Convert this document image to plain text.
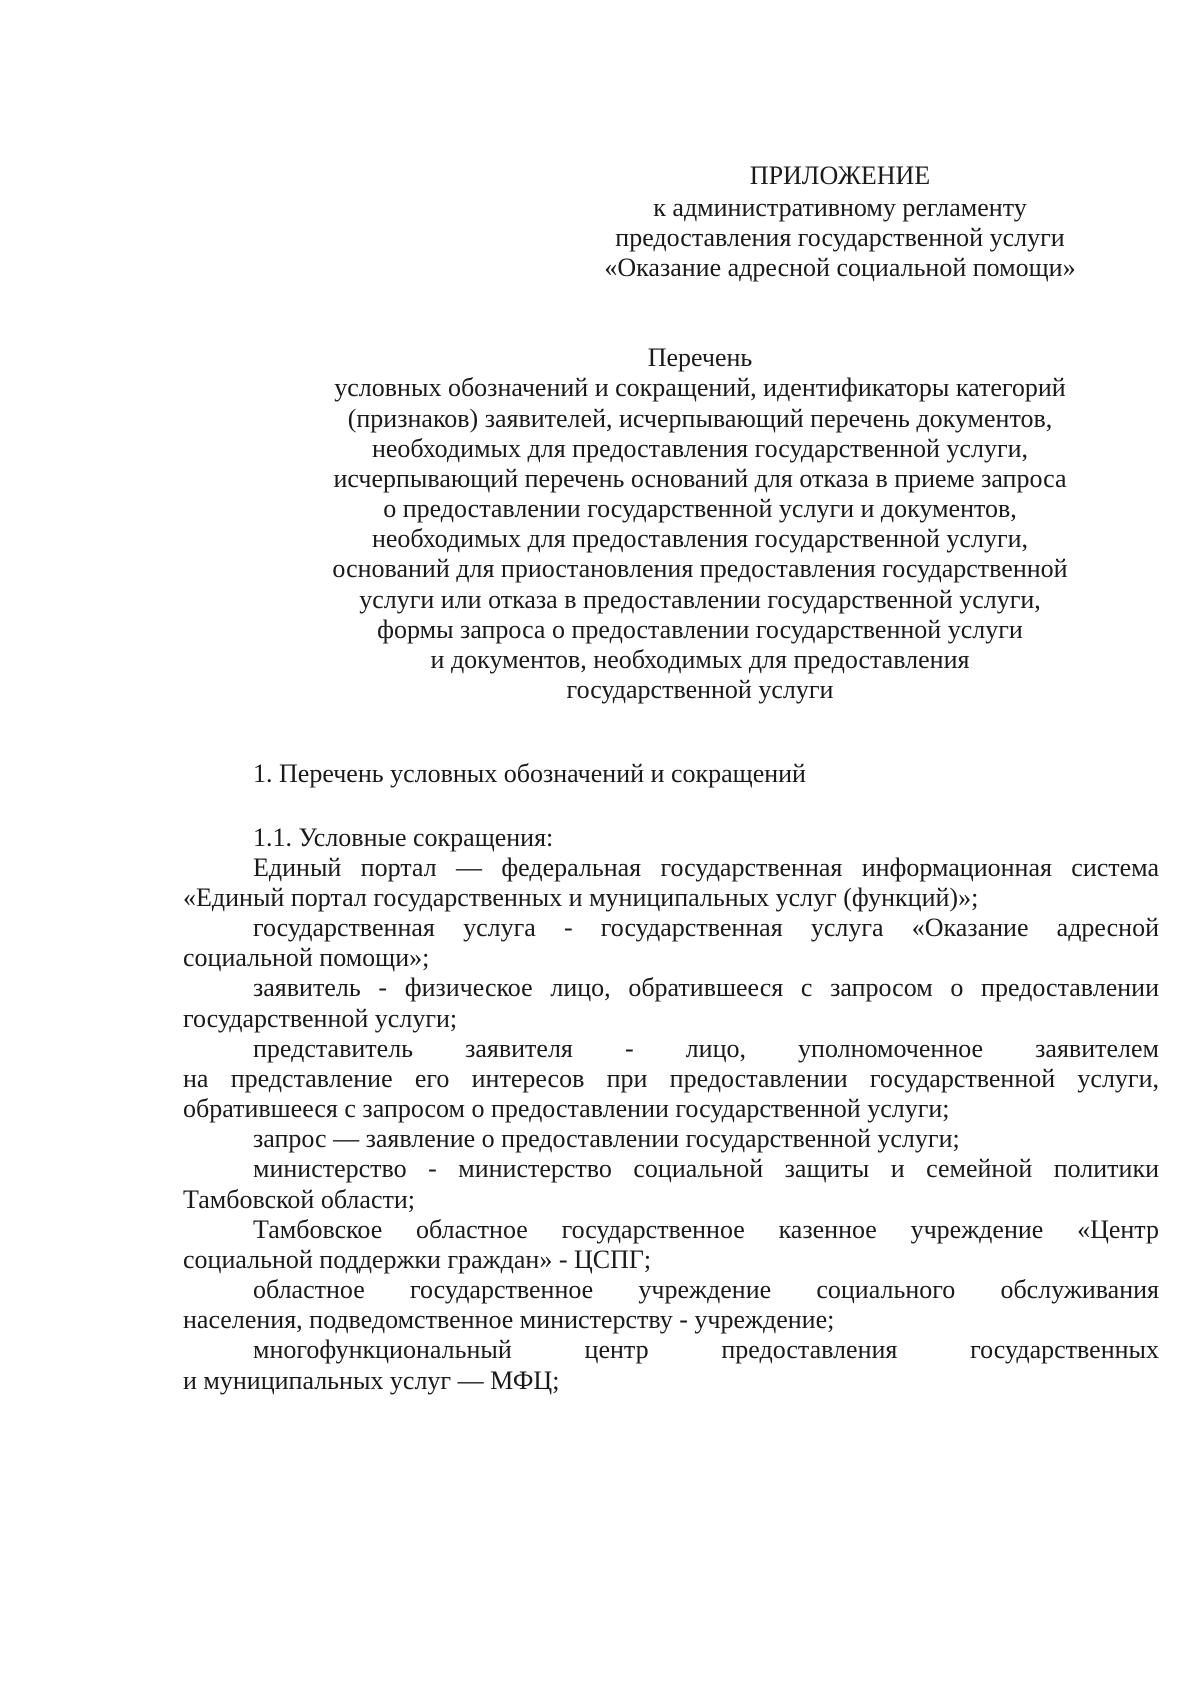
ПРИЛОЖЕНИЕ
к административному регламенту
предоставления государственной услуги
«Оказание адресной социальной помощи»
Перечень
условных обозначений и сокращений, идентификаторы категорий
(признаков) заявителей, исчерпывающий перечень документов,
необходимых для предоставления государственной услуги,
исчерпывающий перечень оснований для отказа в приеме запроса
о предоставлении государственной услуги и документов,
необходимых для предоставления государственной услуги,
оснований для приостановления предоставления государственной
услуги или отказа в предоставлении государственной услуги,
формы запроса о предоставлении государственной услуги
и документов, необходимых для предоставления
государственной услуги
1. Перечень условных обозначений и сокращений
1.1. Условные сокращения:
Единый портал — федеральная государственная информационная система
«Единый портал государственных и муниципальных услуг (функций)»;
государственная услуга - государственная услуга «Оказание адресной
социальной помощи»;
заявитель - физическое лицо, обратившееся с запросом о предоставлении
государственной услуги;
представитель заявителя - лицо, уполномоченное заявителем
на представление его интересов при предоставлении государственной услуги,
обратившееся с запросом о предоставлении государственной услуги;
запрос — заявление о предоставлении государственной услуги;
министерство - министерство социальной защиты и семейной политики
Тамбовской области;
Тамбовское областное государственное казенное учреждение «Центр
социальной поддержки граждан» - ЦСПГ;
областное государственное учреждение социального обслуживания
населения, подведомственное министерству - учреждение;
многофункциональный центр предоставления государственных
и муниципальных услуг — МФЦ;
